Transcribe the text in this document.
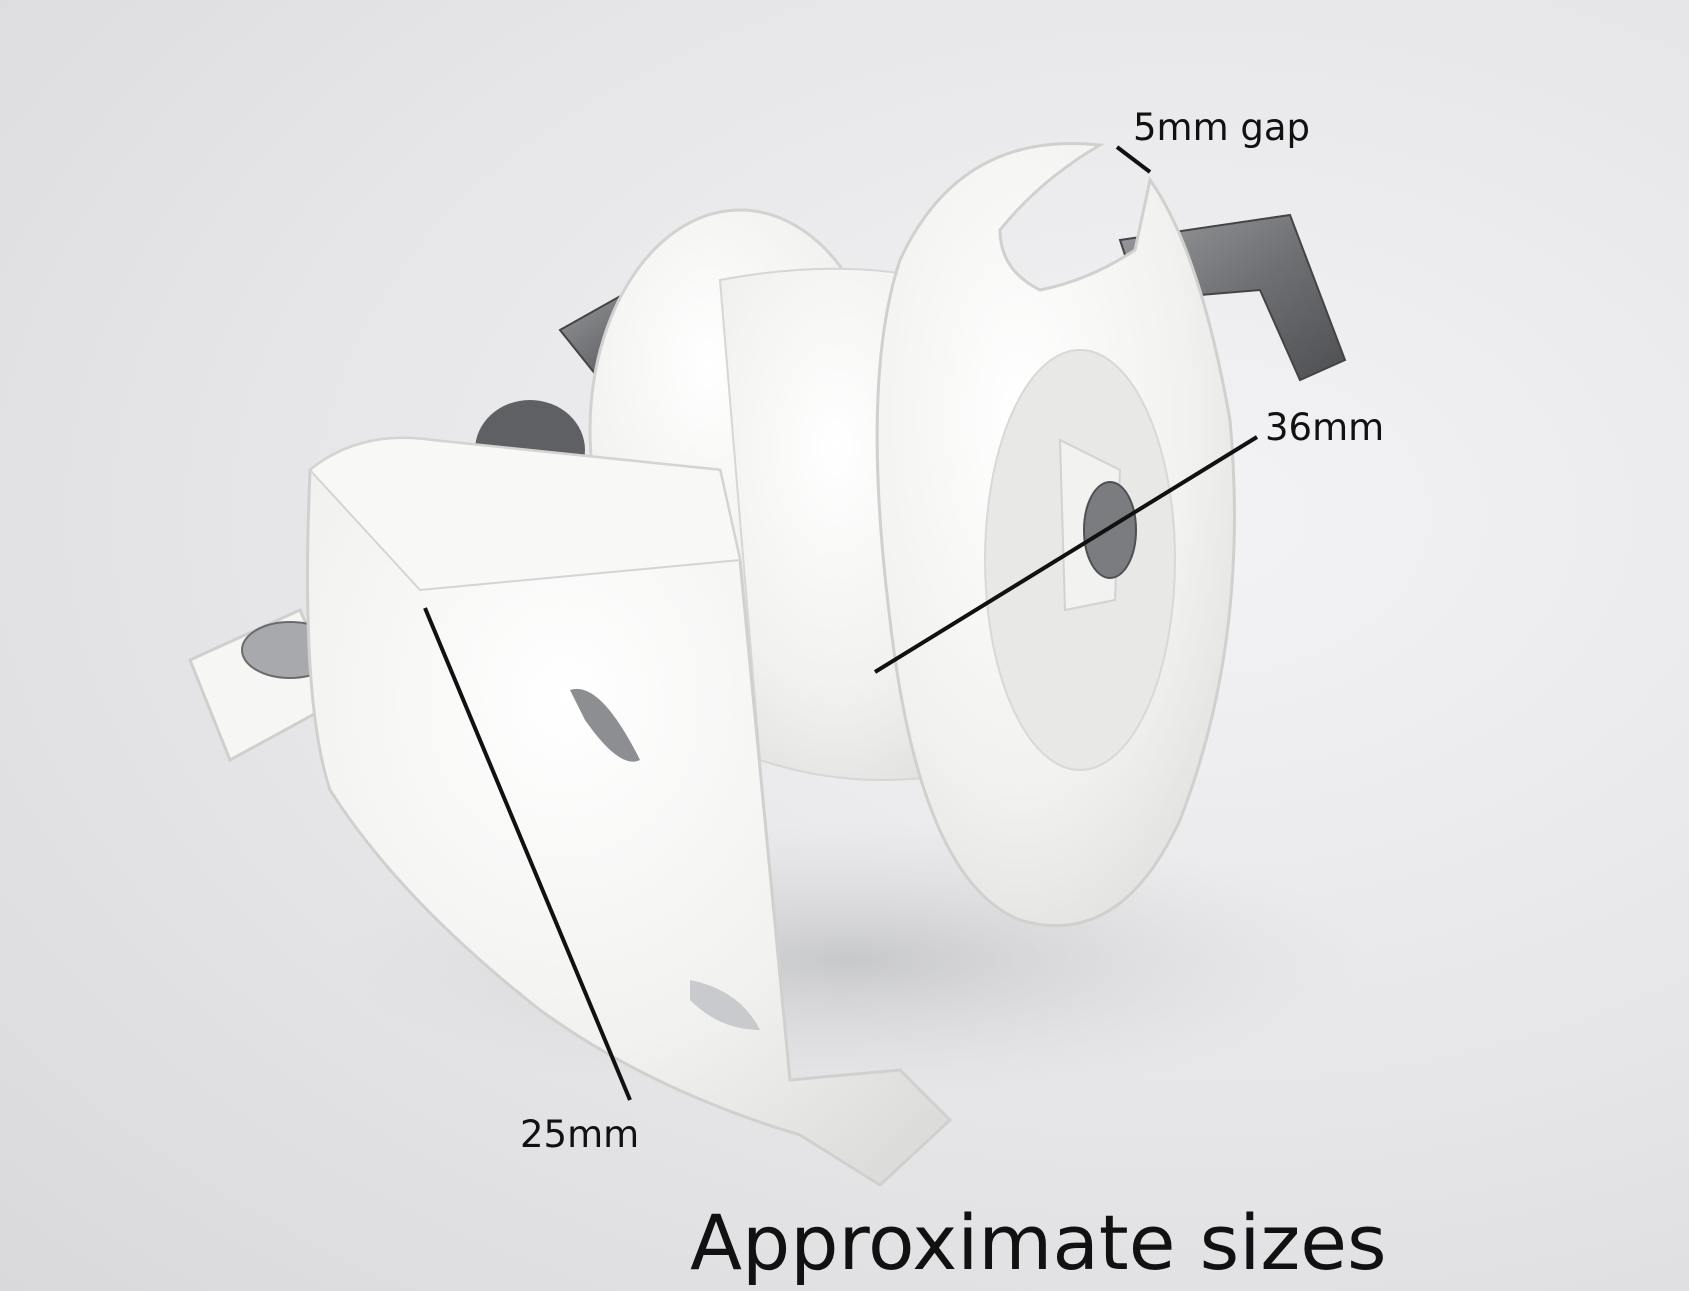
5mm gap
36mm
25mm
Approximate sizes
